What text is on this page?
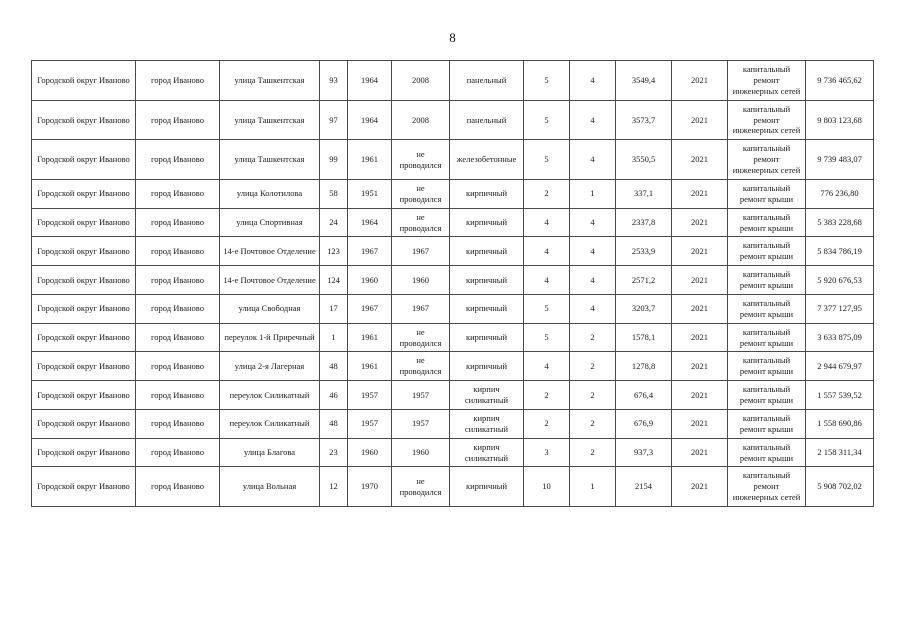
8
Городской округ Иваново	город Иваново	улица Ташкентская	93	1964	2008	панельный	5	4	3549,4	2021	капитальный ремонт инженерных сетей	9 736 465,62
Городской округ Иваново	город Иваново	улица Ташкентская	97	1964	2008	панельный	5	4	3573,7	2021	капитальный ремонт инженерных сетей	9 803 123,68
Городской округ Иваново	город Иваново	улица Ташкентская	99	1961	не проводился	железобетонные	5	4	3550,5	2021	капитальный ремонт инженерных сетей	9 739 483,07
Городской округ Иваново	город Иваново	улица Колотилова	58	1951	не проводился	кирпичный	2	1	337,1	2021	капитальный ремонт крыши	776 236,80
Городской округ Иваново	город Иваново	улица Спортивная	24	1964	не проводился	кирпичный	4	4	2337,8	2021	капитальный ремонт крыши	5 383 228,68
Городской округ Иваново	город Иваново	14-е Почтовое Отделение	123	1967	1967	кирпичный	4	4	2533,9	2021	капитальный ремонт крыши	5 834 786,19
Городской округ Иваново	город Иваново	14-е Почтовое Отделение	124	1960	1960	кирпичный	4	4	2571,2	2021	капитальный ремонт крыши	5 920 676,53
Городской округ Иваново	город Иваново	улица Свободная	17	1967	1967	кирпичный	5	4	3203,7	2021	капитальный ремонт крыши	7 377 127,95
Городской округ Иваново	город Иваново	переулок 1-й Приречный	1	1961	не проводился	кирпичный	5	2	1578,1	2021	капитальный ремонт крыши	3 633 875,09
Городской округ Иваново	город Иваново	улица 2-я Лагерная	48	1961	не проводился	кирпичный	4	2	1278,8	2021	капитальный ремонт крыши	2 944 679,97
Городской округ Иваново	город Иваново	переулок Силикатный	46	1957	1957	кирпич силикатный	2	2	676,4	2021	капитальный ремонт крыши	1 557 539,52
Городской округ Иваново	город Иваново	переулок Силикатный	48	1957	1957	кирпич силикатный	2	2	676,9	2021	капитальный ремонт крыши	1 558 690,86
Городской округ Иваново	город Иваново	улица Благова	23	1960	1960	кирпич силикатный	3	2	937,3	2021	капитальный ремонт крыши	2 158 311,34
Городской округ Иваново	город Иваново	улица Вольная	12	1970	не проводился	кирпичный	10	1	2154	2021	капитальный ремонт инженерных сетей	5 908 702,02
